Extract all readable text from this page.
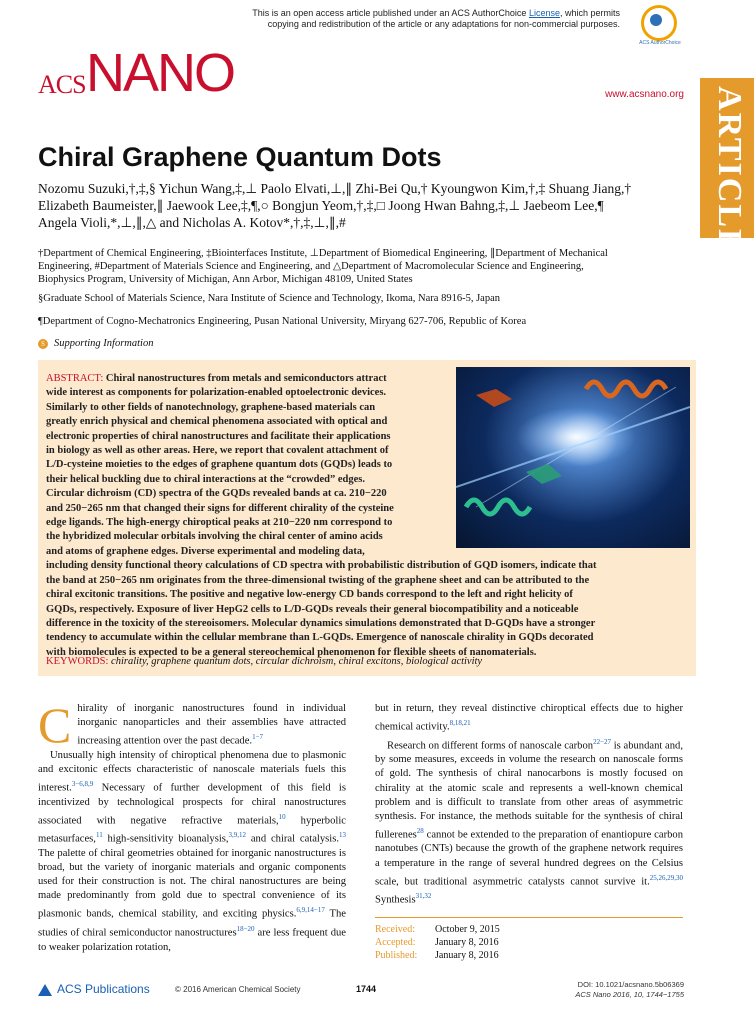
This is an open access article published under an ACS AuthorChoice License, which permits
copying and redistribution of the article or any adaptations for non-commercial purposes.
ACS AuthorChoice
ACS NANO	www.acsnano.org ARTICLE
Chiral Graphene Quantum Dots
Nozomu Suzuki,†,‡,§ Yichun Wang,‡,⊥ Paolo Elvati,⊥,∥ Zhi-Bei Qu,† Kyoungwon Kim,†,‡ Shuang Jiang,†
Elizabeth Baumeister,∥ Jaewook Lee,‡,¶,○ Bongjun Yeom,†,‡,□ Joong Hwan Bahng,‡,⊥ Jaebeom Lee,¶
Angela Violi,*,⊥,∥,△ and Nicholas A. Kotov*,†,‡,⊥,∥,#
†Department of Chemical Engineering, ‡Biointerfaces Institute, ⊥Department of Biomedical Engineering, ∥Department of Mechanical
Engineering, #Department of Materials Science and Engineering, and △Department of Macromolecular Science and Engineering,
Biophysics Program, University of Michigan, Ann Arbor, Michigan 48109, United States
§Graduate School of Materials Science, Nara Institute of Science and Technology, Ikoma, Nara 8916-5, Japan
¶Department of Cogno-Mechatronics Engineering, Pusan National University, Miryang 627-706, Republic of Korea
S Supporting Information
ABSTRACT: Chiral nanostructures from metals and semiconductors attract
wide interest as components for polarization-enabled optoelectronic devices.
Similarly to other fields of nanotechnology, graphene-based materials can
greatly enrich physical and chemical phenomena associated with optical and
electronic properties of chiral nanostructures and facilitate their applications
in biology as well as other areas. Here, we report that covalent attachment of
L/D-cysteine moieties to the edges of graphene quantum dots (GQDs) leads to
their helical buckling due to chiral interactions at the “crowded” edges.
Circular dichroism (CD) spectra of the GQDs revealed bands at ca. 210−220
and 250−265 nm that changed their signs for different chirality of the cysteine
edge ligands. The high-energy chiroptical peaks at 210−220 nm correspond to
the hybridized molecular orbitals involving the chiral center of amino acids
and atoms of graphene edges. Diverse experimental and modeling data,
including density functional theory calculations of CD spectra with probabilistic distribution of GQD isomers, indicate that
the band at 250−265 nm originates from the three-dimensional twisting of the graphene sheet and can be attributed to the
chiral excitonic transitions. The positive and negative low-energy CD bands correspond to the left and right helicity of
GQDs, respectively. Exposure of liver HepG2 cells to L/D-GQDs reveals their general biocompatibility and a noticeable
difference in the toxicity of the stereoisomers. Molecular dynamics simulations demonstrated that D-GQDs have a stronger
tendency to accumulate within the cellular membrane than L-GQDs. Emergence of nanoscale chirality in GQDs decorated
with biomolecules is expected to be a general stereochemical phenomenon for flexible sheets of nanomaterials.
KEYWORDS: chirality, graphene quantum dots, circular dichroism, chiral excitons, biological activity

Chirality of inorganic nanostructures found in individual inorganic nanoparticles and their assemblies have attracted increasing attention over the past decade.$^{1-7}$

Unusually high intensity of chiroptical phenomena due to plasmonic and excitonic effects characteristic of nanoscale materials fuels this interest.$^{3-6,8,9}$ Necessary of further development of this field is incentivized by technological prospects for chiral nanostructures associated with negative refractive materials,$^{10}$ hyperbolic metasurfaces,$^{11}$ high-sensitivity bioanalysis,$^{3,9,12}$ and chiral catalysis.$^{13}$ The palette of chiral geometries obtained for inorganic nanostructures is broad, but the variety of inorganic materials and organic components used for their construction is not. The chiral nanostructures are being made predominantly from gold due to spectral convenience of its plasmonic bands, chemical stability, and exciting physics.$^{6,9,14-17}$ The studies of chiral semiconductor nanostructures$^{18-20}$ are less frequent due to weaker polarization rotation,

but in return, they reveal distinctive chiroptical effects due to higher chemical activity.$^{8,18,21}$

Research on different forms of nanoscale carbon$^{22-27}$ is abundant and, by some measures, exceeds in volume the research on nanoscale forms of gold. The synthesis of chiral nanocarbons is mostly focused on chirality at the atomic scale and represents a well-known chemical problem and is difficult to translate from other areas of asymmetric synthesis. For instance, the methods suitable for the synthesis of chiral fullerenes$^{28}$ cannot be extended to the preparation of enantiopure carbon nanotubes (CNTs) because the growth of the graphene network requires a temperature in the range of several hundred degrees on the Celsius scale, but traditional asymmetric catalysts cannot survive it.$^{25,26,29,30}$ Synthesis$^{31,32}$

Received: October 9, 2015
Accepted: January 8, 2016
Published: January 8, 2016
ACS Publications	© 2016 American Chemical Society	1744	DOI: 10.1021/acsnano.5b06369
ACS Nano 2016, 10, 1744−1755
